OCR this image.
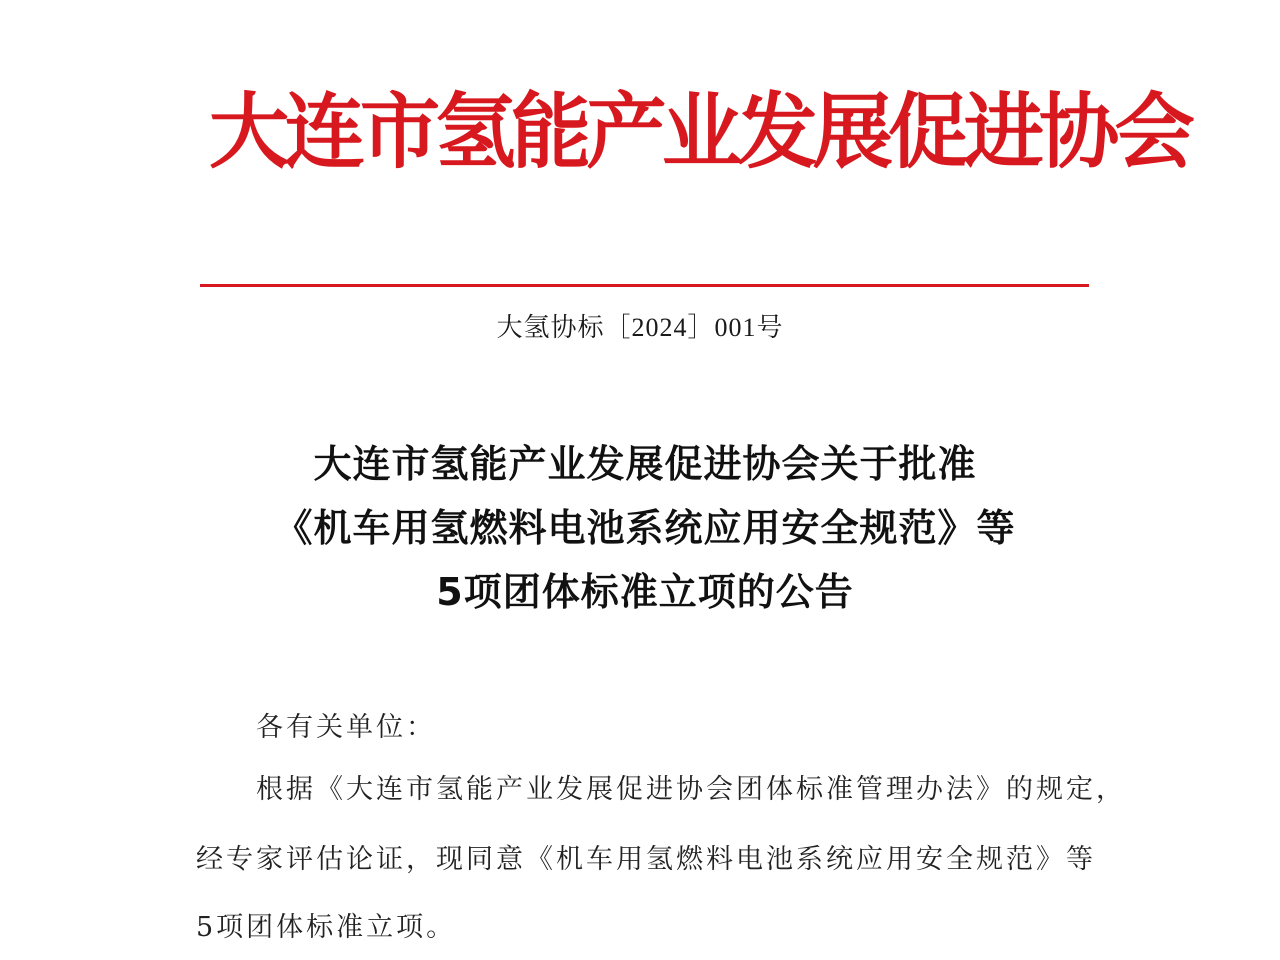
大连市氢能产业发展促进协会
大氢协标［2024］001号
大连市氢能产业发展促进协会关于批准
《机车用氢燃料电池系统应用安全规范》等
5项团体标准立项的公告

各有关单位：

根据《大连市氢能产业发展促进协会团体标准管理办法》的规定，

经专家评估论证，现同意《机车用氢燃料电池系统应用安全规范》等

5项团体标准立项。
